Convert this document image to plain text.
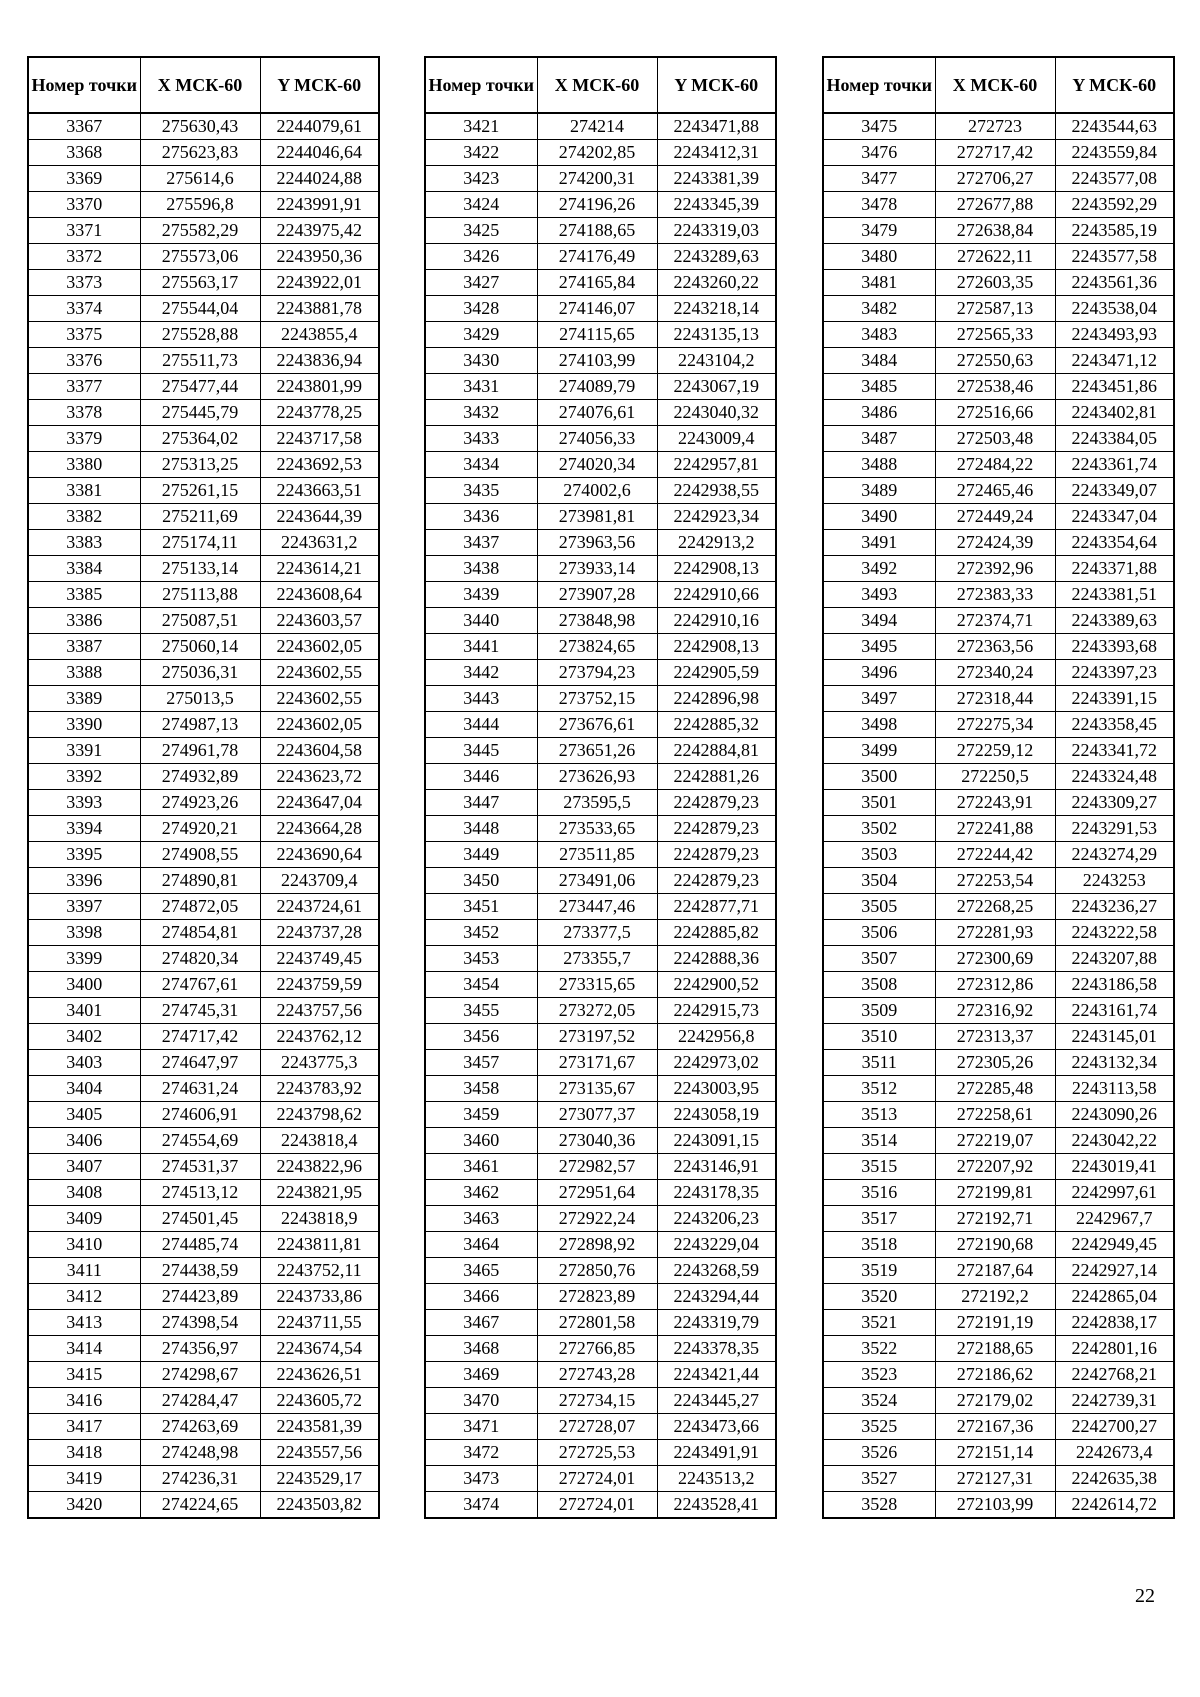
Номер точки	X МСК-60	Y МСК-60
3367	275630,43	2244079,61
3368	275623,83	2244046,64
3369	275614,6	2244024,88
3370	275596,8	2243991,91
3371	275582,29	2243975,42
3372	275573,06	2243950,36
3373	275563,17	2243922,01
3374	275544,04	2243881,78
3375	275528,88	2243855,4
3376	275511,73	2243836,94
3377	275477,44	2243801,99
3378	275445,79	2243778,25
3379	275364,02	2243717,58
3380	275313,25	2243692,53
3381	275261,15	2243663,51
3382	275211,69	2243644,39
3383	275174,11	2243631,2
3384	275133,14	2243614,21
3385	275113,88	2243608,64
3386	275087,51	2243603,57
3387	275060,14	2243602,05
3388	275036,31	2243602,55
3389	275013,5	2243602,55
3390	274987,13	2243602,05
3391	274961,78	2243604,58
3392	274932,89	2243623,72
3393	274923,26	2243647,04
3394	274920,21	2243664,28
3395	274908,55	2243690,64
3396	274890,81	2243709,4
3397	274872,05	2243724,61
3398	274854,81	2243737,28
3399	274820,34	2243749,45
3400	274767,61	2243759,59
3401	274745,31	2243757,56
3402	274717,42	2243762,12
3403	274647,97	2243775,3
3404	274631,24	2243783,92
3405	274606,91	2243798,62
3406	274554,69	2243818,4
3407	274531,37	2243822,96
3408	274513,12	2243821,95
3409	274501,45	2243818,9
3410	274485,74	2243811,81
3411	274438,59	2243752,11
3412	274423,89	2243733,86
3413	274398,54	2243711,55
3414	274356,97	2243674,54
3415	274298,67	2243626,51
3416	274284,47	2243605,72
3417	274263,69	2243581,39
3418	274248,98	2243557,56
3419	274236,31	2243529,17
3420	274224,65	2243503,82
Номер точки	X МСК-60	Y МСК-60
3421	274214	2243471,88
3422	274202,85	2243412,31
3423	274200,31	2243381,39
3424	274196,26	2243345,39
3425	274188,65	2243319,03
3426	274176,49	2243289,63
3427	274165,84	2243260,22
3428	274146,07	2243218,14
3429	274115,65	2243135,13
3430	274103,99	2243104,2
3431	274089,79	2243067,19
3432	274076,61	2243040,32
3433	274056,33	2243009,4
3434	274020,34	2242957,81
3435	274002,6	2242938,55
3436	273981,81	2242923,34
3437	273963,56	2242913,2
3438	273933,14	2242908,13
3439	273907,28	2242910,66
3440	273848,98	2242910,16
3441	273824,65	2242908,13
3442	273794,23	2242905,59
3443	273752,15	2242896,98
3444	273676,61	2242885,32
3445	273651,26	2242884,81
3446	273626,93	2242881,26
3447	273595,5	2242879,23
3448	273533,65	2242879,23
3449	273511,85	2242879,23
3450	273491,06	2242879,23
3451	273447,46	2242877,71
3452	273377,5	2242885,82
3453	273355,7	2242888,36
3454	273315,65	2242900,52
3455	273272,05	2242915,73
3456	273197,52	2242956,8
3457	273171,67	2242973,02
3458	273135,67	2243003,95
3459	273077,37	2243058,19
3460	273040,36	2243091,15
3461	272982,57	2243146,91
3462	272951,64	2243178,35
3463	272922,24	2243206,23
3464	272898,92	2243229,04
3465	272850,76	2243268,59
3466	272823,89	2243294,44
3467	272801,58	2243319,79
3468	272766,85	2243378,35
3469	272743,28	2243421,44
3470	272734,15	2243445,27
3471	272728,07	2243473,66
3472	272725,53	2243491,91
3473	272724,01	2243513,2
3474	272724,01	2243528,41
Номер точки	X МСК-60	Y МСК-60
3475	272723	2243544,63
3476	272717,42	2243559,84
3477	272706,27	2243577,08
3478	272677,88	2243592,29
3479	272638,84	2243585,19
3480	272622,11	2243577,58
3481	272603,35	2243561,36
3482	272587,13	2243538,04
3483	272565,33	2243493,93
3484	272550,63	2243471,12
3485	272538,46	2243451,86
3486	272516,66	2243402,81
3487	272503,48	2243384,05
3488	272484,22	2243361,74
3489	272465,46	2243349,07
3490	272449,24	2243347,04
3491	272424,39	2243354,64
3492	272392,96	2243371,88
3493	272383,33	2243381,51
3494	272374,71	2243389,63
3495	272363,56	2243393,68
3496	272340,24	2243397,23
3497	272318,44	2243391,15
3498	272275,34	2243358,45
3499	272259,12	2243341,72
3500	272250,5	2243324,48
3501	272243,91	2243309,27
3502	272241,88	2243291,53
3503	272244,42	2243274,29
3504	272253,54	2243253
3505	272268,25	2243236,27
3506	272281,93	2243222,58
3507	272300,69	2243207,88
3508	272312,86	2243186,58
3509	272316,92	2243161,74
3510	272313,37	2243145,01
3511	272305,26	2243132,34
3512	272285,48	2243113,58
3513	272258,61	2243090,26
3514	272219,07	2243042,22
3515	272207,92	2243019,41
3516	272199,81	2242997,61
3517	272192,71	2242967,7
3518	272190,68	2242949,45
3519	272187,64	2242927,14
3520	272192,2	2242865,04
3521	272191,19	2242838,17
3522	272188,65	2242801,16
3523	272186,62	2242768,21
3524	272179,02	2242739,31
3525	272167,36	2242700,27
3526	272151,14	2242673,4
3527	272127,31	2242635,38
3528	272103,99	2242614,72
22
